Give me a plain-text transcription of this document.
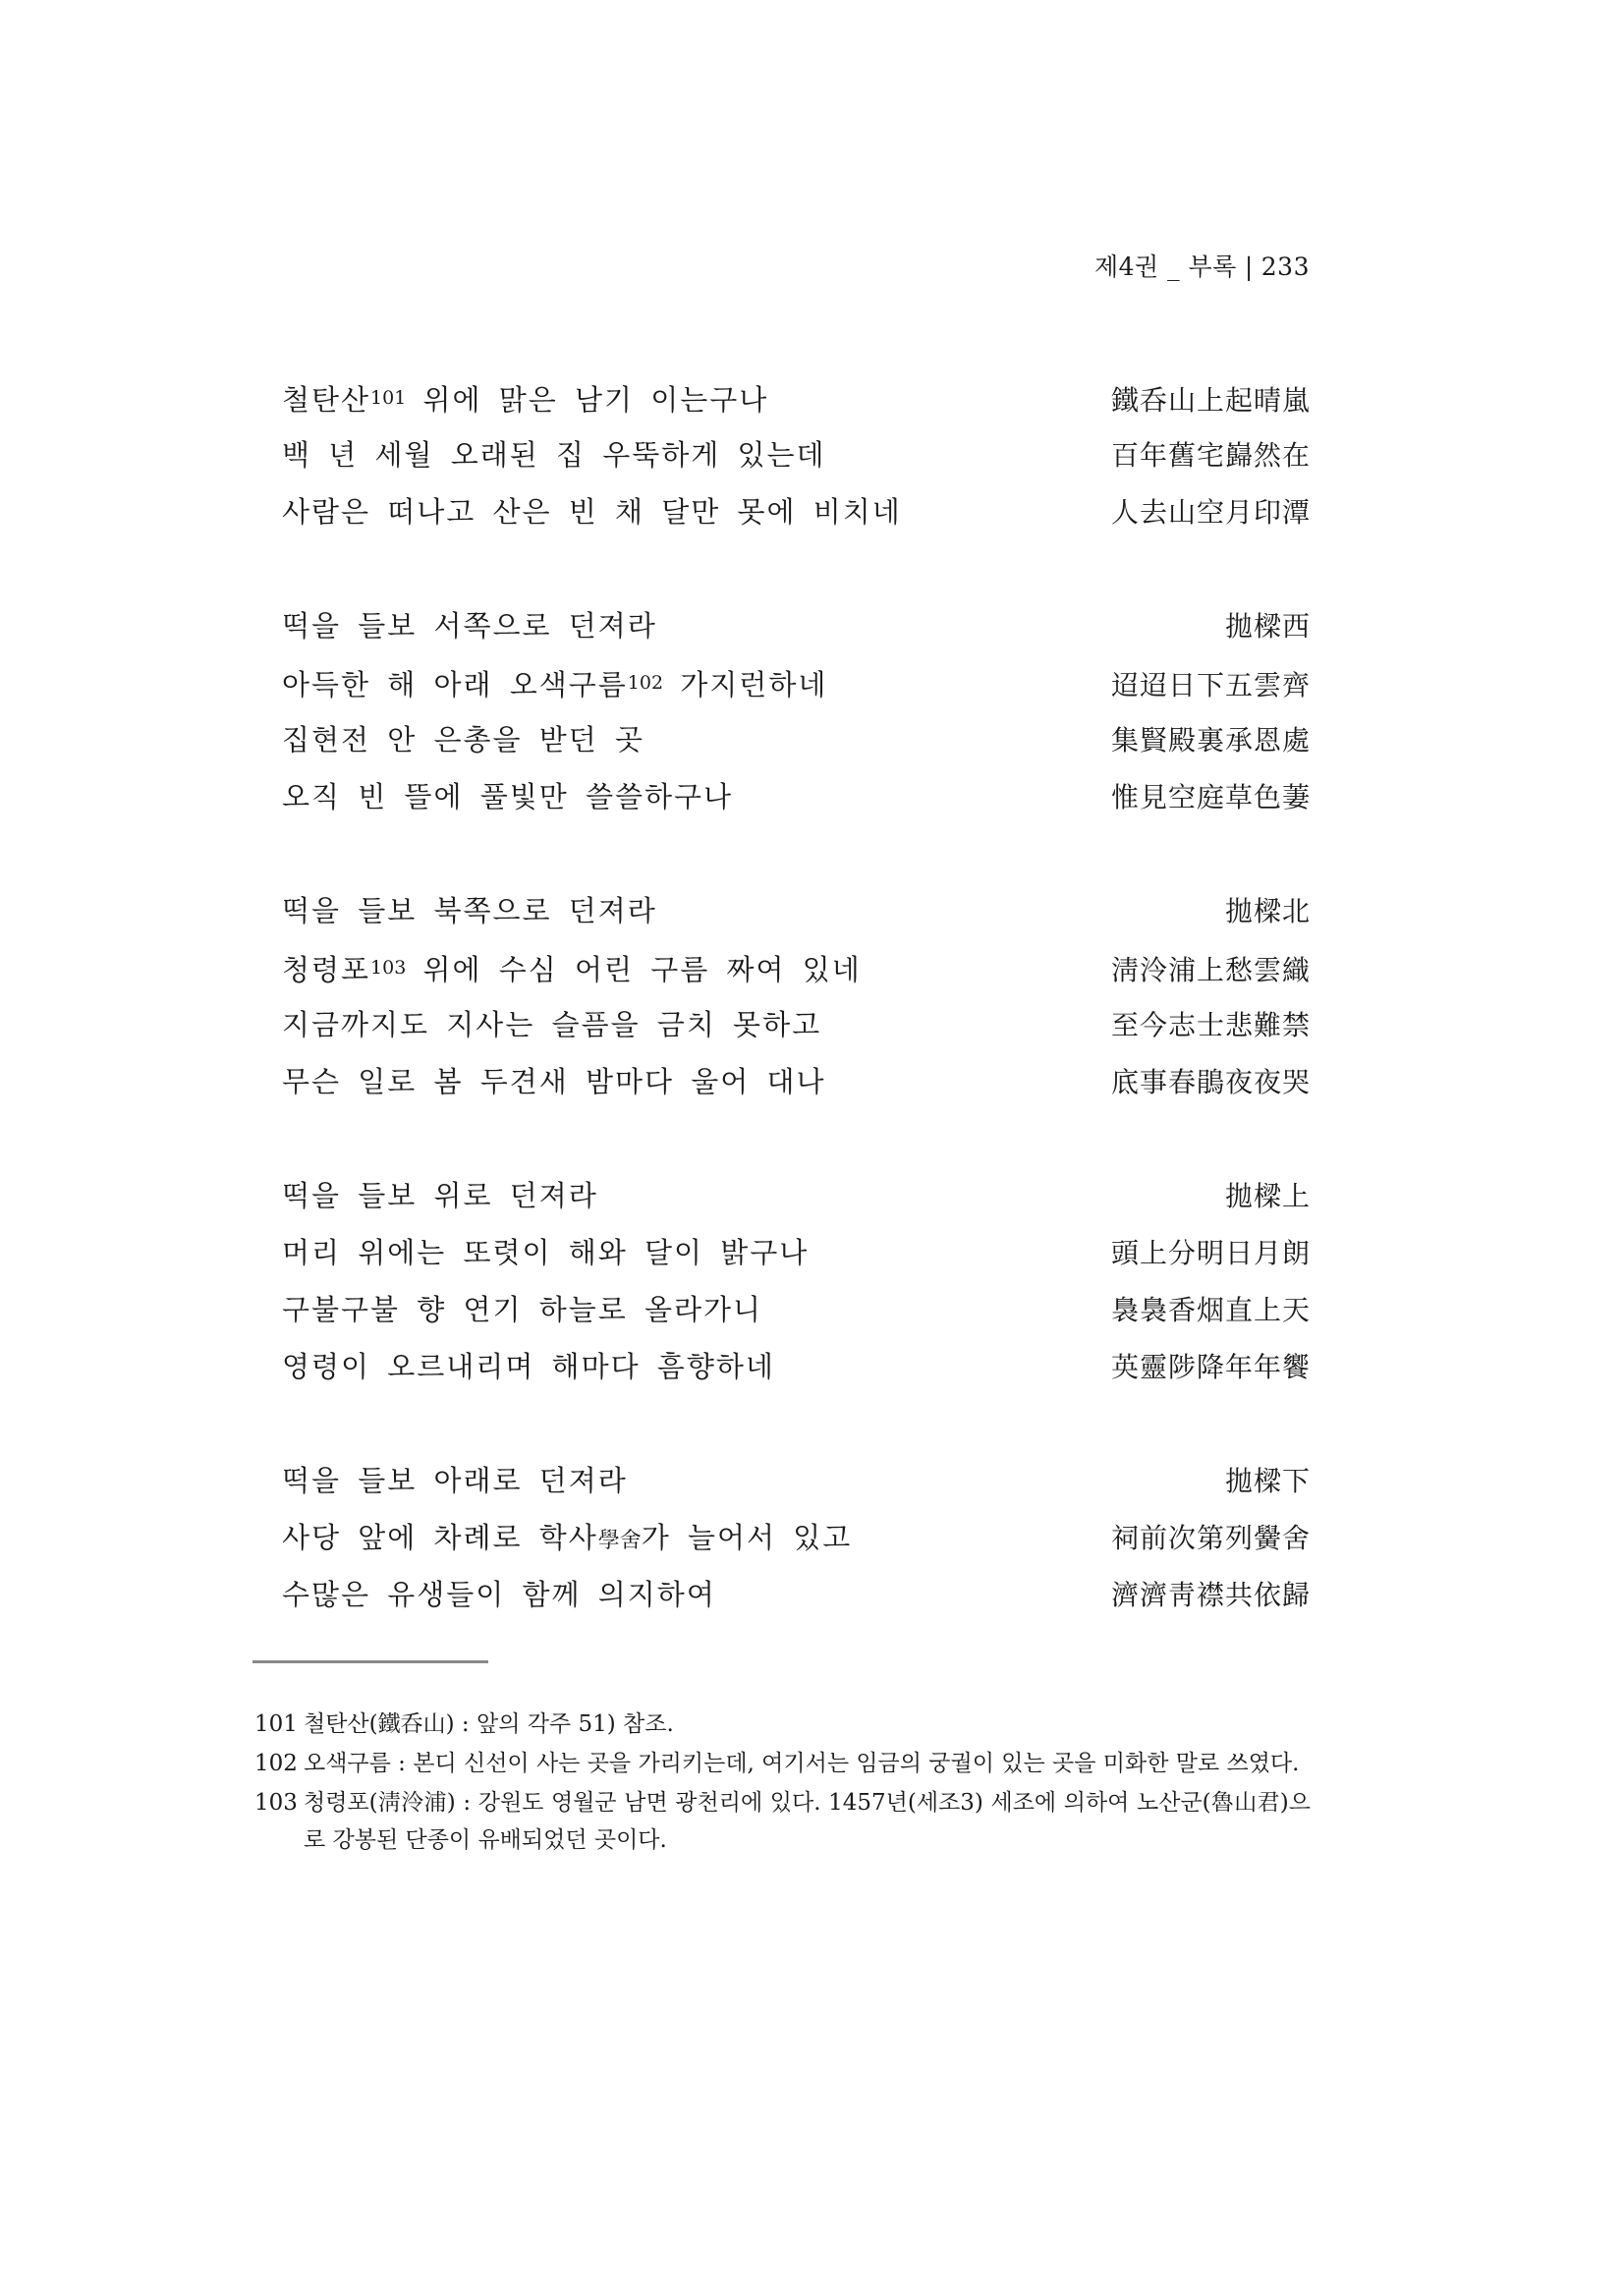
제4권 _ 부록 | 233
철탄산$^{101}$ 위에 맑은 남기 이는구나	鐵呑山上起晴嵐
백 년 세월 오래된 집 우뚝하게 있는데	百年舊宅巋然在
사람은 떠나고 산은 빈 채 달만 못에 비치네	人去山空月印潭
떡을 들보 서쪽으로 던져라	拋樑西
아득한 해 아래 오색구름$^{102}$ 가지런하네	迢迢日下五雲齊
집현전 안 은총을 받던 곳	集賢殿裏承恩處
오직 빈 뜰에 풀빛만 쓸쓸하구나	惟見空庭草色萋
떡을 들보 북쪽으로 던져라	拋樑北
청령포$^{103}$ 위에 수심 어린 구름 짜여 있네	淸泠浦上愁雲織
지금까지도 지사는 슬픔을 금치 못하고	至今志士悲難禁
무슨 일로 봄 두견새 밤마다 울어 대나	底事春鵑夜夜哭
떡을 들보 위로 던져라	拋樑上
머리 위에는 또렷이 해와 달이 밝구나	頭上分明日月朗
구불구불 향 연기 하늘로 올라가니	裊裊香烟直上天
영령이 오르내리며 해마다 흠향하네	英靈陟降年年饗
떡을 들보 아래로 던져라	拋樑下
사당 앞에 차례로 학사學舍가 늘어서 있고	祠前次第列黌舍
수많은 유생들이 함께 의지하여	濟濟靑襟共依歸
101 철탄산(鐵呑山) : 앞의 각주 51) 참조.
102 오색구름 : 본디 신선이 사는 곳을 가리키는데, 여기서는 임금의 궁궐이 있는 곳을 미화한 말로 쓰였다.
103 청령포(淸泠浦) : 강원도 영월군 남면 광천리에 있다. 1457년(세조3) 세조에 의하여 노산군(魯山君)으로 강봉된 단종이 유배되었던 곳이다.
